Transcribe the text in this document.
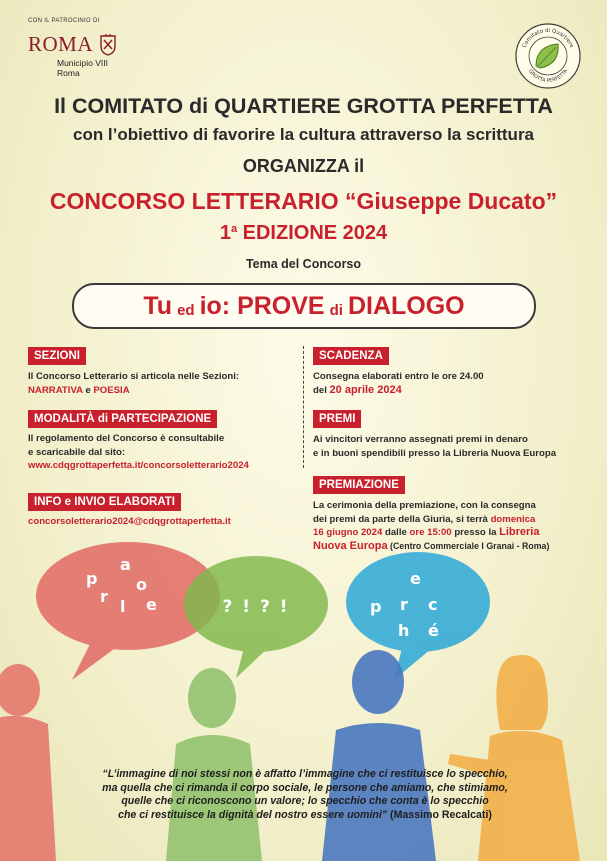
CON IL PATROCINIO DI
ROMA
Municipio VIII
Roma
Comitato di Quartiere
GROTTA PERFETTA
Il COMITATO di QUARTIERE GROTTA PERFETTA
con l’obiettivo di favorire la cultura attraverso la scrittura
ORGANIZZA il
CONCORSO LETTERARIO “Giuseppe Ducato”
1$^a$ EDIZIONE 2024
Tema del Concorso
Tu ed io: PROVE di DIALOGO
SEZIONI
Il Concorso Letterario si articola nelle Sezioni:
NARRATIVA e POESIA
MODALITÀ di PARTECIPAZIONE
Il regolamento del Concorso è consultabile
e scaricabile dal sito:
www.cdqgrottaperfetta.it/concorsoletterario2024
INFO e INVIO ELABORATI
concorsoletterario2024@cdqgrottaperfetta.it
SCADENZA
Consegna elaborati entro le ore 24.00
del 20 aprile 2024
PREMI
Ai vincitori verranno assegnati premi in denaro
e in buoni spendibili presso la Libreria Nuova Europa
PREMIAZIONE
La cerimonia della premiazione, con la consegna
dei premi da parte della Giuria, si terrà domenica
16 giugno 2024 dalle ore 15:00 presso la Libreria
Nuova Europa (Centro Commerciale I Granai - Roma)
p
a
r
o
l e	? ! ? !	p
e
r c
h é
“L’immagine di noi stessi non è affatto l’immagine che ci restituisce lo specchio,
ma quella che ci rimanda il corpo sociale, le persone che amiamo, che stimiamo,
quelle che ci riconoscono un valore; lo specchio che conta è lo specchio
che ci restituisce la dignità del nostro essere uomini” (Massimo Recalcati)
